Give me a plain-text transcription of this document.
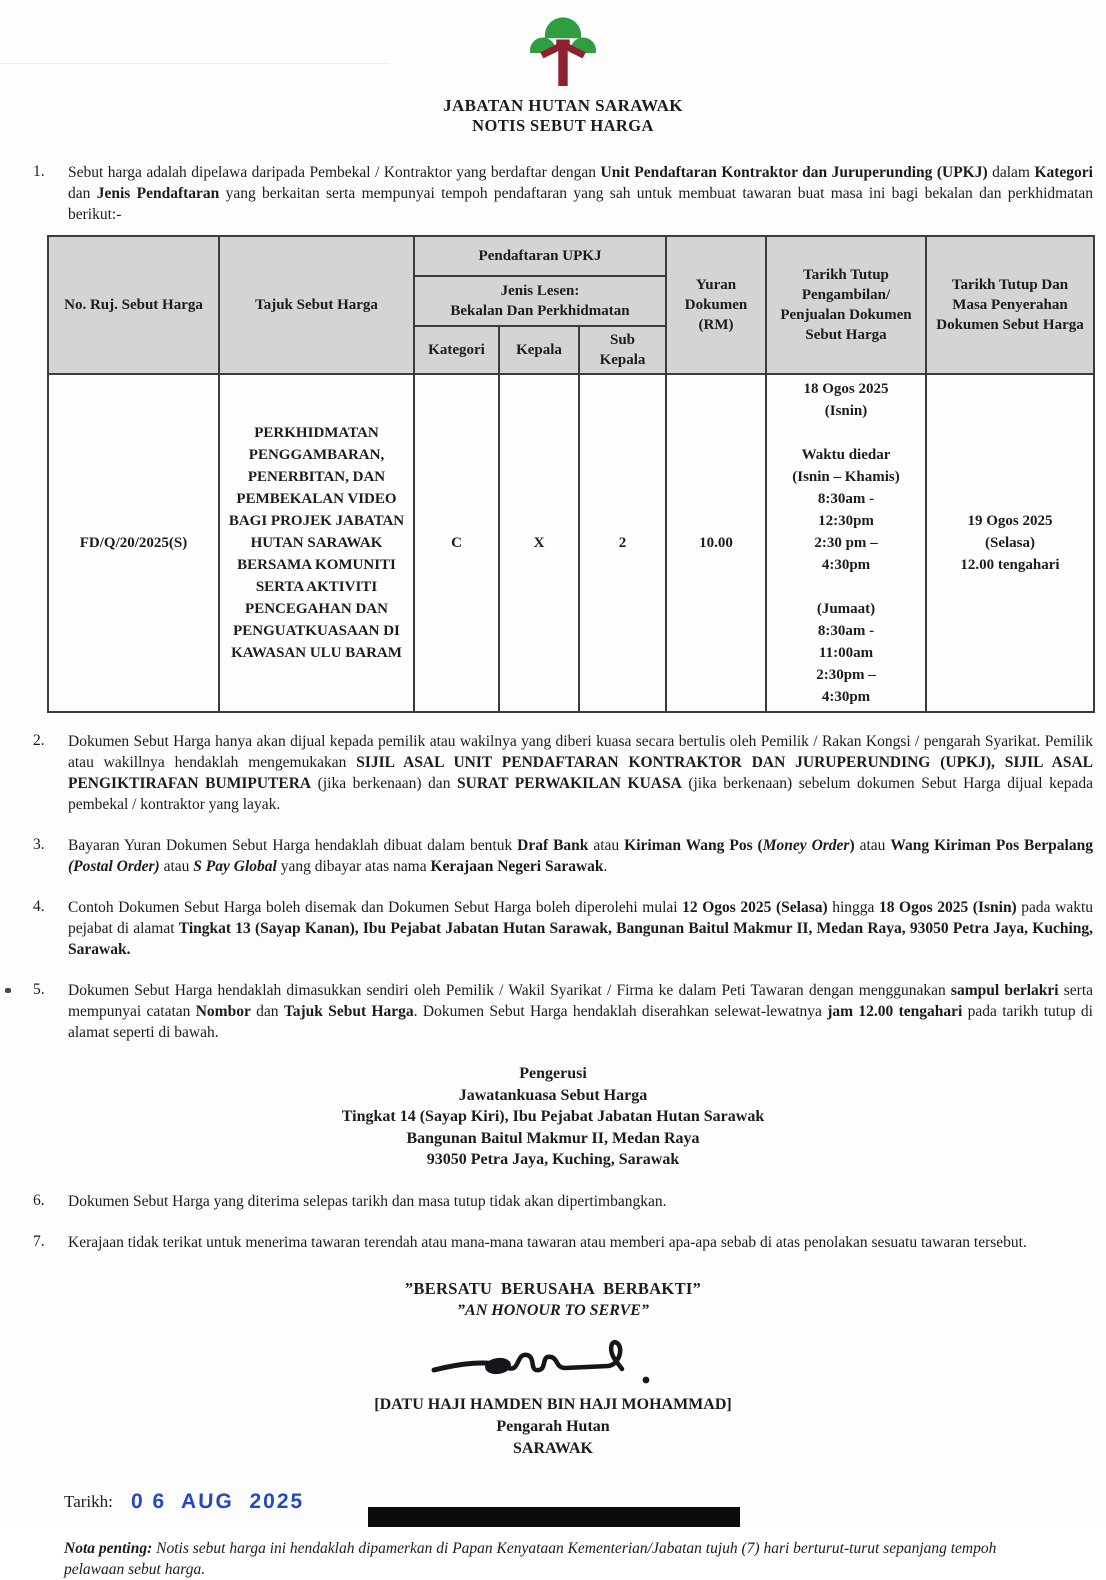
JABATAN HUTAN SARAWAK
NOTIS SEBUT HARGA
1.	Sebut harga adalah dipelawa daripada Pembekal / Kontraktor yang berdaftar dengan Unit Pendaftaran Kontraktor dan Juruperunding (UPKJ) dalam Kategori dan Jenis Pendaftaran yang berkaitan serta mempunyai tempoh pendaftaran yang sah untuk membuat tawaran buat masa ini bagi bekalan dan perkhidmatan berikut:-
No. Ruj. Sebut Harga	Tajuk Sebut Harga	Pendaftaran UPKJ			Yuran Dokumen (RM)	Tarikh Tutup Pengambilan/ Penjualan Dokumen Sebut Harga	Tarikh Tutup Dan Masa Penyerahan Dokumen Sebut Harga
		Jenis Lesen:
Bekalan Dan Perkhidmatan					
		Kategori	Kepala	Sub
Kepala			
FD/Q/20/2025(S)	PERKHIDMATAN PENGGAMBARAN, PENERBITAN, DAN PEMBEKALAN VIDEO BAGI PROJEK JABATAN HUTAN SARAWAK BERSAMA KOMUNITI SERTA AKTIVITI PENCEGAHAN DAN PENGUATKUASAAN DI KAWASAN ULU BARAM	C	X	2	10.00	18 Ogos 2025
(Isnin)

Waktu diedar
(Isnin – Khamis)
8:30am -
12:30pm
2:30 pm –
4:30pm

(Jumaat)
8:30am -
11:00am
2:30pm –
4:30pm	19 Ogos 2025
(Selasa)
12.00 tengahari
2.	Dokumen Sebut Harga hanya akan dijual kepada pemilik atau wakilnya yang diberi kuasa secara bertulis oleh Pemilik / Rakan Kongsi / pengarah Syarikat. Pemilik atau wakillnya hendaklah mengemukakan SIJIL ASAL UNIT PENDAFTARAN KONTRAKTOR DAN JURUPERUNDING (UPKJ), SIJIL ASAL PENGIKTIRAFAN BUMIPUTERA (jika berkenaan) dan SURAT PERWAKILAN KUASA (jika berkenaan) sebelum dokumen Sebut Harga dijual kepada pembekal / kontraktor yang layak.
3.	Bayaran Yuran Dokumen Sebut Harga hendaklah dibuat dalam bentuk Draf Bank atau Kiriman Wang Pos (Money Order) atau Wang Kiriman Pos Berpalang (Postal Order) atau S Pay Global yang dibayar atas nama Kerajaan Negeri Sarawak.
4.	Contoh Dokumen Sebut Harga boleh disemak dan Dokumen Sebut Harga boleh diperolehi mulai 12 Ogos 2025 (Selasa) hingga 18 Ogos 2025 (Isnin) pada waktu pejabat di alamat Tingkat 13 (Sayap Kanan), Ibu Pejabat Jabatan Hutan Sarawak, Bangunan Baitul Makmur II, Medan Raya, 93050 Petra Jaya, Kuching, Sarawak.
5.	Dokumen Sebut Harga hendaklah dimasukkan sendiri oleh Pemilik / Wakil Syarikat / Firma ke dalam Peti Tawaran dengan menggunakan sampul berlakri serta mempunyai catatan Nombor dan Tajuk Sebut Harga. Dokumen Sebut Harga hendaklah diserahkan selewat-lewatnya jam 12.00 tengahari pada tarikh tutup di alamat seperti di bawah.
Pengerusi
Jawatankuasa Sebut Harga
Tingkat 14 (Sayap Kiri), Ibu Pejabat Jabatan Hutan Sarawak
Bangunan Baitul Makmur II, Medan Raya
93050 Petra Jaya, Kuching, Sarawak
6.	Dokumen Sebut Harga yang diterima selepas tarikh dan masa tutup tidak akan dipertimbangkan.
7.	Kerajaan tidak terikat untuk menerima tawaran terendah atau mana-mana tawaran atau memberi apa-apa sebab di atas penolakan sesuatu tawaran tersebut.
”BERSATU  BERUSAHA  BERBAKTI”
”AN HONOUR TO SERVE”
[DATU HAJI HAMDEN BIN HAJI MOHAMMAD]
Pengarah Hutan
SARAWAK
Tarikh: 0 6  AUG  2025
Nota penting: Notis sebut harga ini hendaklah dipamerkan di Papan Kenyataan Kementerian/Jabatan tujuh (7) hari berturut-turut sepanjang tempoh pelawaan sebut harga.
